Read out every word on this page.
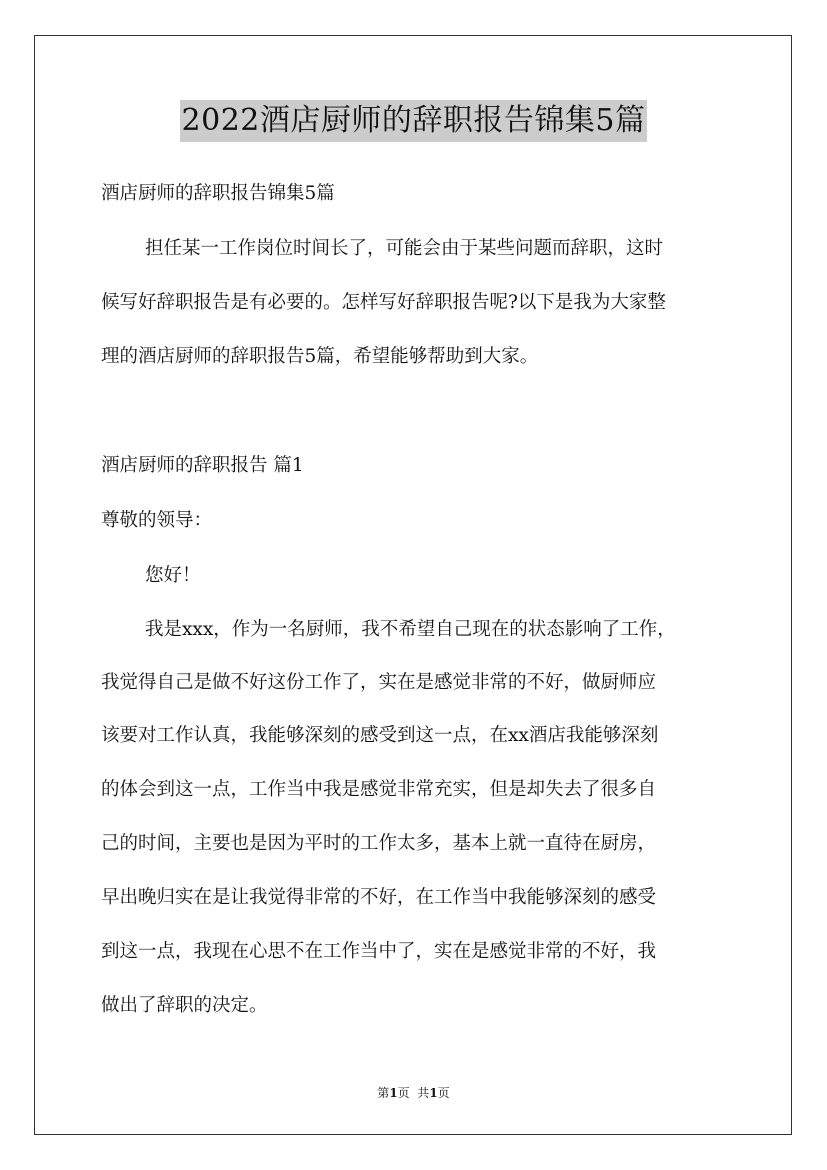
2022酒店厨师的辞职报告锦集5篇
酒店厨师的辞职报告锦集5篇
担任某一工作岗位时间长了，可能会由于某些问题而辞职，这时
候写好辞职报告是有必要的。怎样写好辞职报告呢?以下是我为大家整
理的酒店厨师的辞职报告5篇，希望能够帮助到大家。
酒店厨师的辞职报告 篇1
尊敬的领导：
您好！
我是xxx，作为一名厨师，我不希望自己现在的状态影响了工作，
我觉得自己是做不好这份工作了，实在是感觉非常的不好，做厨师应
该要对工作认真，我能够深刻的感受到这一点，在xx酒店我能够深刻
的体会到这一点，工作当中我是感觉非常充实，但是却失去了很多自
己的时间，主要也是因为平时的工作太多，基本上就一直待在厨房，
早出晚归实在是让我觉得非常的不好，在工作当中我能够深刻的感受
到这一点，我现在心思不在工作当中了，实在是感觉非常的不好，我
做出了辞职的决定。
第1页  共1页
